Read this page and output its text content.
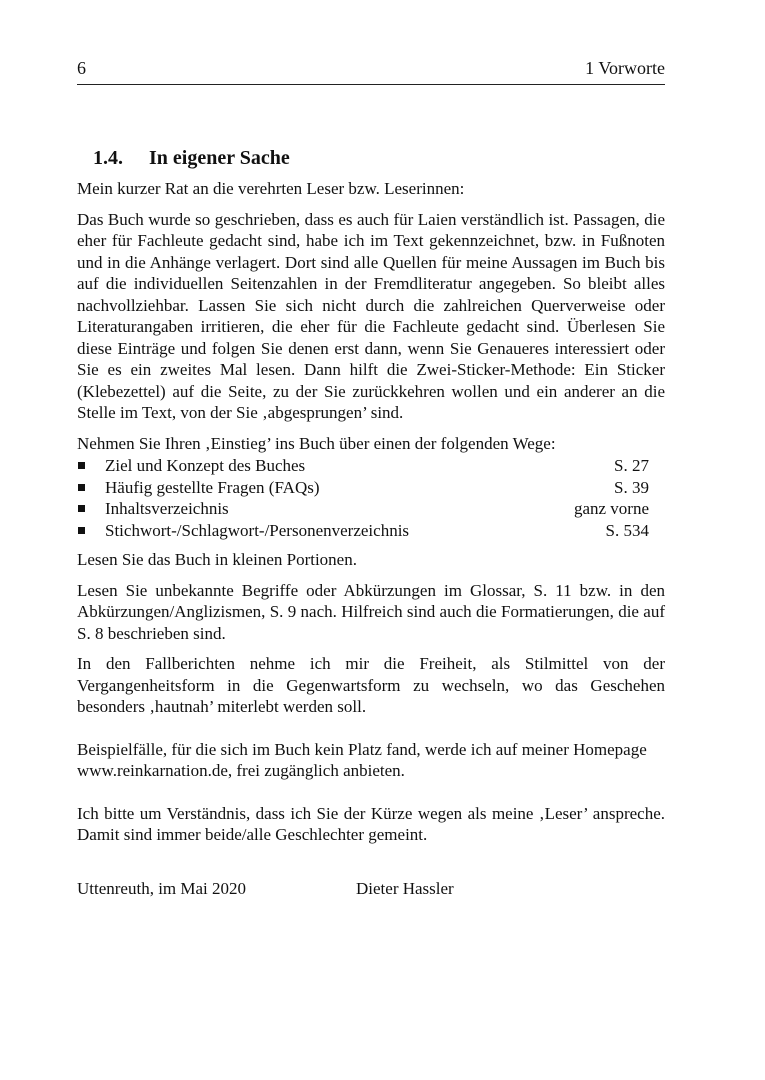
6	1 Vorworte
1.4. In eigener Sache

Mein kurzer Rat an die verehrten Leser bzw. Leserinnen:

Das Buch wurde so geschrieben, dass es auch für Laien verständlich ist. Passagen, die eher für Fachleute gedacht sind, habe ich im Text gekennzeichnet, bzw. in Fußnoten und in die Anhänge verlagert. Dort sind alle Quellen für meine Aussagen im Buch bis auf die individuellen Seitenzahlen in der Fremdliteratur angegeben. So bleibt alles nachvollziehbar. Lassen Sie sich nicht durch die zahlreichen Querverweise oder Literaturangaben irritieren, die eher für die Fachleute gedacht sind. Überlesen Sie diese Einträge und folgen Sie denen erst dann, wenn Sie Genaueres interessiert oder Sie es ein zweites Mal lesen. Dann hilft die Zwei-Sticker-Methode: Ein Sticker (Klebezettel) auf die Seite, zu der Sie zurückkehren wollen und ein anderer an die Stelle im Text, von der Sie ‚abgesprungen’ sind.

Nehmen Sie Ihren ‚Einstieg’ ins Buch über einen der folgenden Wege:

Ziel und Konzept des Buches	S. 27
Häufig gestellte Fragen (FAQs)	S. 39
Inhaltsverzeichnis	ganz vorne
Stichwort-/Schlagwort-/Personenverzeichnis	S. 534

Lesen Sie das Buch in kleinen Portionen.

Lesen Sie unbekannte Begriffe oder Abkürzungen im Glossar, S. 11 bzw. in den Abkürzungen/Anglizismen, S. 9 nach. Hilfreich sind auch die Formatierungen, die auf S. 8 beschrieben sind.

In den Fallberichten nehme ich mir die Freiheit, als Stilmittel von der Vergangenheitsform in die Gegenwartsform zu wechseln, wo das Geschehen besonders ‚hautnah’ miterlebt werden soll.

Beispielfälle, für die sich im Buch kein Platz fand, werde ich auf meiner Homepage www.reinkarnation.de, frei zugänglich anbieten.

Ich bitte um Verständnis, dass ich Sie der Kürze wegen als meine ‚Leser’ anspreche. Damit sind immer beide/alle Geschlechter gemeint.

Uttenreuth, im Mai 2020	Dieter Hassler
